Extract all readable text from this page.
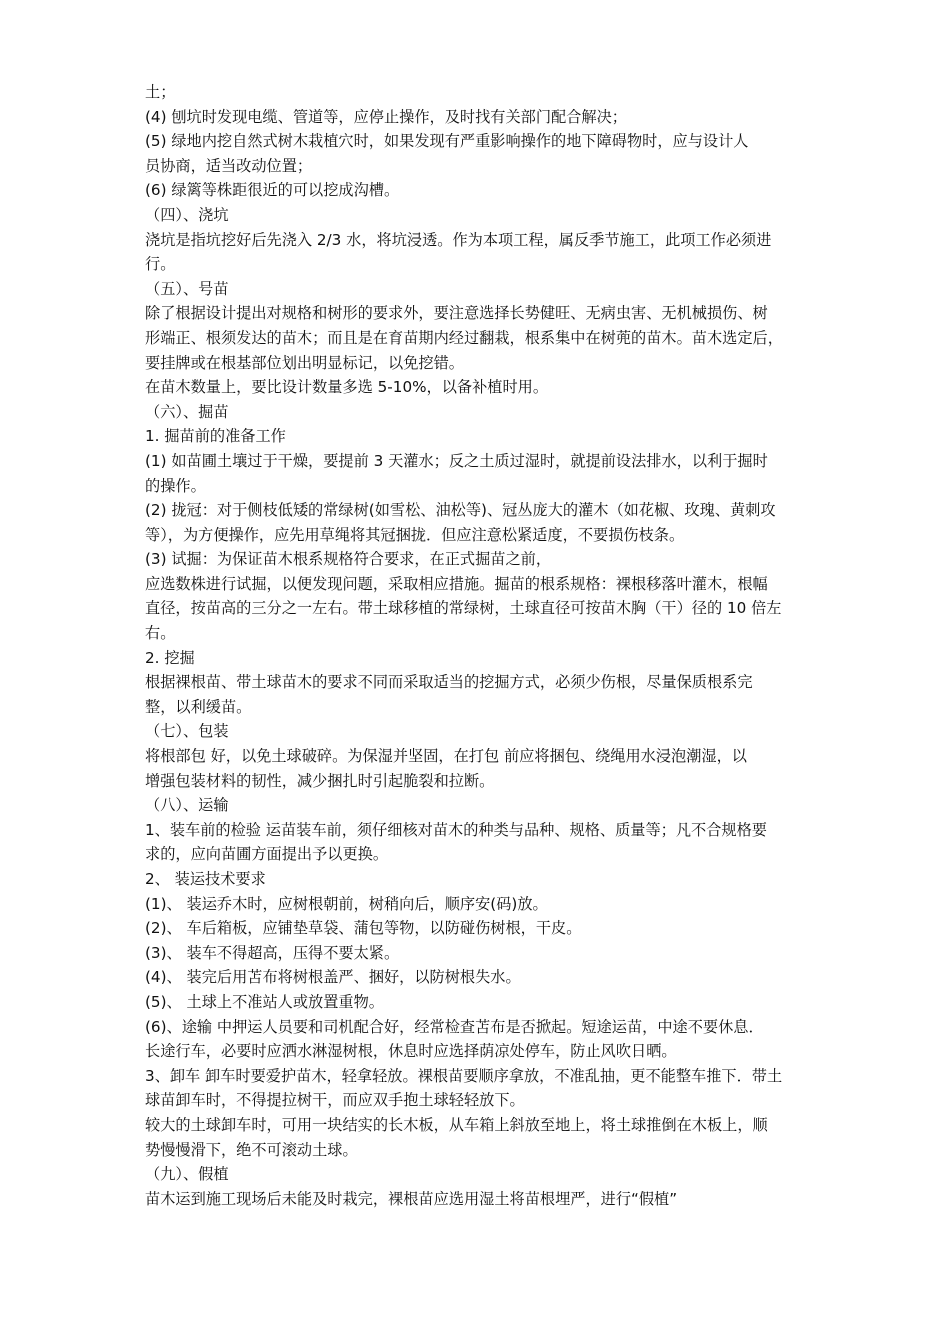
土；
(4) 刨坑时发现电缆、管道等，应停止操作，及时找有关部门配合解决；
(5) 绿地内挖自然式树木栽植穴时，如果发现有严重影响操作的地下障碍物时，应与设计人
员协商，适当改动位置；
(6) 绿篱等株距很近的可以挖成沟槽。
（四）、浇坑
浇坑是指坑挖好后先浇入 2/3 水，将坑浸透。作为本项工程，属反季节施工，此项工作必须进
行。
（五）、号苗
除了根据设计提出对规格和树形的要求外，要注意选择长势健旺、无病虫害、无机械损伤、树
形端正、根须发达的苗木；而且是在育苗期内经过翻栽，根系集中在树蔸的苗木。苗木选定后，
要挂牌或在根基部位划出明显标记，以免挖错。
在苗木数量上，要比设计数量多选 5-10%，以备补植时用。
（六）、掘苗
1. 掘苗前的准备工作
(1) 如苗圃土壤过于干燥，要提前 3 天灌水；反之土质过湿时，就提前设法排水，以利于掘时
的操作。
(2) 拢冠：对于侧枝低矮的常绿树(如雪松、油松等)、冠丛庞大的灌木（如花椒、玫瑰、黄刺攻
等），为方便操作，应先用草绳将其冠捆拢．但应注意松紧适度，不要损伤枝条。
(3) 试掘：为保证苗木根系规格符合要求，在正式掘苗之前，
应选数株进行试掘，以便发现问题，采取相应措施。掘苗的根系规格：裸根移落叶灌木，根幅
直径，按苗高的三分之一左右。带土球移植的常绿树，土球直径可按苗木胸（干）径的 10 倍左
右。
2. 挖掘
根据裸根苗、带土球苗木的要求不同而采取适当的挖掘方式，必须少伤根，尽量保质根系完
整，以利缓苗。
（七）、包装
将根部包 好，以免土球破碎。为保湿并坚固，在打包 前应将捆包、绕绳用水浸泡潮湿，以
增强包装材料的韧性，减少捆扎时引起脆裂和拉断。
（八）、运输
1、装车前的检验 运苗装车前，须仔细核对苗木的种类与品种、规格、质量等；凡不合规格要
求的，应向苗圃方面提出予以更换。
2、 装运技术要求
(1)、 装运乔木时，应树根朝前，树稍向后，顺序安(码)放。
(2)、 车后箱板，应铺垫草袋、蒲包等物，以防碰伤树根，干皮。
(3)、 装车不得超高，压得不要太紧。
(4)、 装完后用苫布将树根盖严、捆好，以防树根失水。
(5)、 土球上不准站人或放置重物。
(6)、途输 中押运人员要和司机配合好，经常检查苫布是否掀起。短途运苗，中途不要休息．
长途行车，必要时应洒水淋湿树根，休息时应选择荫凉处停车，防止风吹日晒。
3、卸车 卸车时要爱护苗木，轻拿轻放。裸根苗要顺序拿放，不准乱抽，更不能整车推下．带土
球苗卸车时，不得提拉树干，而应双手抱土球轻轻放下。
较大的土球卸车时，可用一块结实的长木板，从车箱上斜放至地上，将土球推倒在木板上，顺
势慢慢滑下，绝不可滚动土球。
（九）、假植
苗木运到施工现场后未能及时栽完，裸根苗应选用湿土将苗根埋严，进行“假植”
